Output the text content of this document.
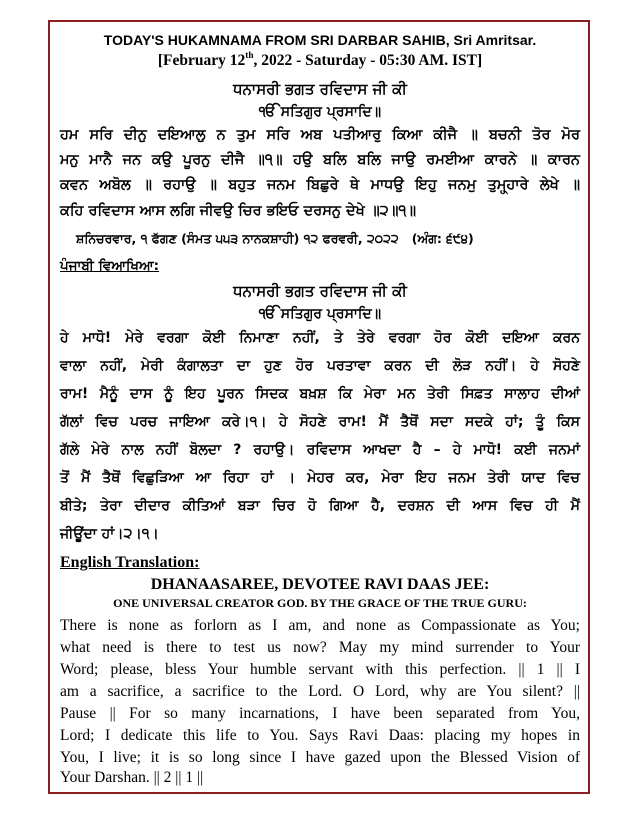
TODAY'S HUKAMNAMA FROM SRI DARBAR SAHIB, Sri Amritsar.
[February 12th, 2022 - Saturday - 05:30 AM. IST]
ਧਨਾਸਰੀ ਭਗਤ ਰਵਿਦਾਸ ਜੀ ਕੀ
ੴ ਸਤਿਗੁਰ ਪ੍ਰਸਾਦਿ॥
ਹਮ ਸਰਿ ਦੀਨੁ ਦਇਆਲੁ ਨ ਤੁਮ ਸਰਿ ਅਬ ਪਤੀਆਰੁ ਕਿਆ ਕੀਜੈ ॥ ਬਚਨੀ ਤੋਰ ਮੋਰ
ਮਨੁ ਮਾਨੈ ਜਨ ਕਉ ਪੂਰਨੁ ਦੀਜੈ ॥੧॥ ਹਉ ਬਲਿ ਬਲਿ ਜਾਉ ਰਮਈਆ ਕਾਰਨੇ ॥ ਕਾਰਨ
ਕਵਨ ਅਬੋਲ ॥ ਰਹਾਉ ॥ ਬਹੁਤ ਜਨਮ ਬਿਛੁਰੇ ਥੇ ਮਾਧਉ ਇਹੁ ਜਨਮੁ ਤੁਮ੍ਹ੍ਹਾਰੇ ਲੇਖੇ ॥
ਕਹਿ ਰਵਿਦਾਸ ਆਸ ਲਗਿ ਜੀਵਉ ਚਿਰ ਭਇਓ ਦਰਸਨੁ ਦੇਖੇ ॥੨॥੧॥
ਸ਼ਨਿਚਰਵਾਰ, ੧ ਫੱਗਣ (ਸੰਮਤ ੫੫੩ ਨਾਨਕਸ਼ਾਹੀ) ੧੨ ਫਰਵਰੀ, ੨੦੨੨ (ਅੰਗ: ੬੯੪)
ਪੰਜਾਬੀ ਵਿਆਖਿਆ:
ਧਨਾਸਰੀ ਭਗਤ ਰਵਿਦਾਸ ਜੀ ਕੀ
ੴ ਸਤਿਗੁਰ ਪ੍ਰਸਾਦਿ॥
ਹੇ ਮਾਧੋ! ਮੇਰੇ ਵਰਗਾ ਕੋਈ ਨਿਮਾਣਾ ਨਹੀਂ, ਤੇ ਤੇਰੇ ਵਰਗਾ ਹੋਰ ਕੋਈ ਦਇਆ ਕਰਨ
ਵਾਲਾ ਨਹੀਂ, ਮੇਰੀ ਕੰਗਾਲਤਾ ਦਾ ਹੁਣ ਹੋਰ ਪਰਤਾਵਾ ਕਰਨ ਦੀ ਲੋੜ ਨਹੀਂ। ਹੇ ਸੋਹਣੇ
ਰਾਮ! ਮੈਨੂੰ ਦਾਸ ਨੂੰ ਇਹ ਪੂਰਨ ਸਿਦਕ ਬਖ਼ਸ਼ ਕਿ ਮੇਰਾ ਮਨ ਤੇਰੀ ਸਿਫ਼ਤ ਸਾਲਾਹ ਦੀਆਂ
ਗੱਲਾਂ ਵਿਚ ਪਰਚ ਜਾਇਆ ਕਰੇ।੧। ਹੇ ਸੋਹਣੇ ਰਾਮ! ਮੈਂ ਤੈਥੋਂ ਸਦਾ ਸਦਕੇ ਹਾਂ; ਤੂੰ ਕਿਸ
ਗੱਲੇ ਮੇਰੇ ਨਾਲ ਨਹੀਂ ਬੋਲਦਾ ? ਰਹਾਉ। ਰਵਿਦਾਸ ਆਖਦਾ ਹੈ – ਹੇ ਮਾਧੋ! ਕਈ ਜਨਮਾਂ
ਤੋਂ ਮੈਂ ਤੈਥੋਂ ਵਿਛੁੜਿਆ ਆ ਰਿਹਾ ਹਾਂ । ਮੇਹਰ ਕਰ, ਮੇਰਾ ਇਹ ਜਨਮ ਤੇਰੀ ਯਾਦ ਵਿਚ
ਬੀਤੇ; ਤੇਰਾ ਦੀਦਾਰ ਕੀਤਿਆਂ ਬੜਾ ਚਿਰ ਹੋ ਗਿਆ ਹੈ, ਦਰਸ਼ਨ ਦੀ ਆਸ ਵਿਚ ਹੀ ਮੈਂ
ਜੀਊਂਦਾ ਹਾਂ।੨।੧।
English Translation:
DHANAASAREE, DEVOTEE RAVI DAAS JEE:
ONE UNIVERSAL CREATOR GOD. BY THE GRACE OF THE TRUE GURU:
There is none as forlorn as I am, and none as Compassionate as You;
what need is there to test us now? May my mind surrender to Your
Word; please, bless Your humble servant with this perfection. || 1 || I
am a sacrifice, a sacrifice to the Lord. O Lord, why are You silent? ||
Pause || For so many incarnations, I have been separated from You,
Lord; I dedicate this life to You. Says Ravi Daas: placing my hopes in
You, I live; it is so long since I have gazed upon the Blessed Vision of
Your Darshan. || 2 || 1 ||
